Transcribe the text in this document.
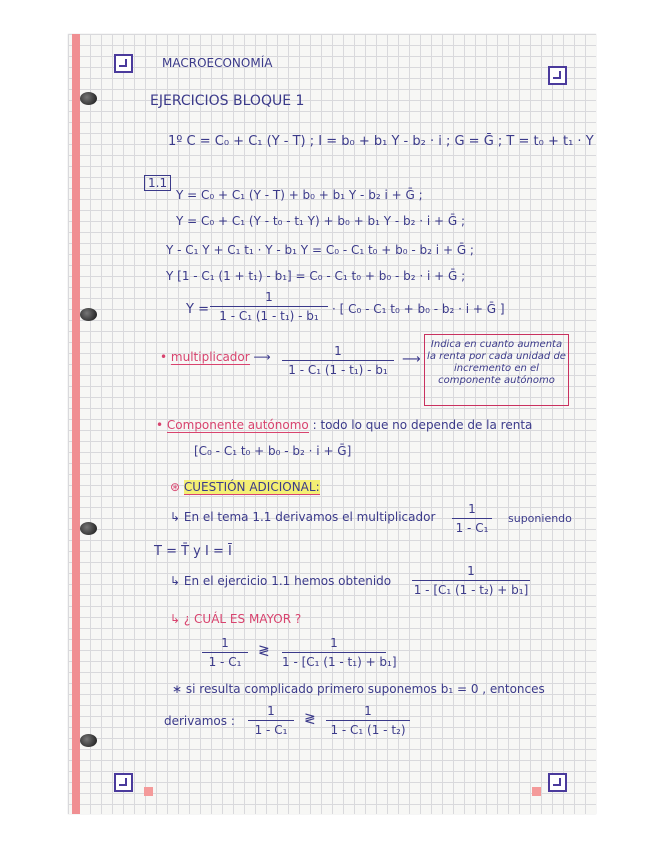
MACROECONOMÍA
EJERCICIOS BLOQUE 1
1º C = C₀ + C₁ (Y - T) ; I = b₀ + b₁ Y - b₂ · i ; G = Ḡ ; T = t₀ + t₁ · Y
1.1
Y = C₀ + C₁ (Y - T) + b₀ + b₁ Y - b₂ i + Ḡ ;
Y = C₀ + C₁ (Y - t₀ - t₁ Y) + b₀ + b₁ Y - b₂ · i + Ḡ ;
Y - C₁ Y + C₁ t₁ · Y - b₁ Y = C₀ - C₁ t₀ + b₀ - b₂ i + Ḡ ;
Y [1 - C₁ (1 + t₁) - b₁] = C₀ - C₁ t₀ + b₀ - b₂ · i + Ḡ ;
Y =
1
1 - C₁ (1 - t₁) - b₁	· [ C₀ - C₁ t₀ + b₀ - b₂ · i + Ḡ ]
• multiplicador ⟶	1
1 - C₁ (1 - t₁) - b₁
⟶
Indica en cuanto aumenta la renta por cada unidad de incremento en el componente autónomo
• Componente autónomo : todo lo que no depende de la renta
[C₀ - C₁ t₀ + b₀ - b₂ · i + Ḡ]
⊛ CUESTIÓN ADICIONAL:
↳ En el tema 1.1 derivamos el multiplicador
1
1 - C₁
suponiendo
T = T̄ y I = Ī
↳ En el ejercicio 1.1 hemos obtenido
1
1 - [C₁ (1 - t₂) + b₁]
↳ ¿ CUÁL ES MAYOR ?
1
1 - C₁
≷	1
1 - [C₁ (1 - t₁) + b₁]
∗ si resulta complicado primero suponemos b₁ = 0 , entonces
derivamos :
1
1 - C₁
≷	1
1 - C₁ (1 - t₂)
